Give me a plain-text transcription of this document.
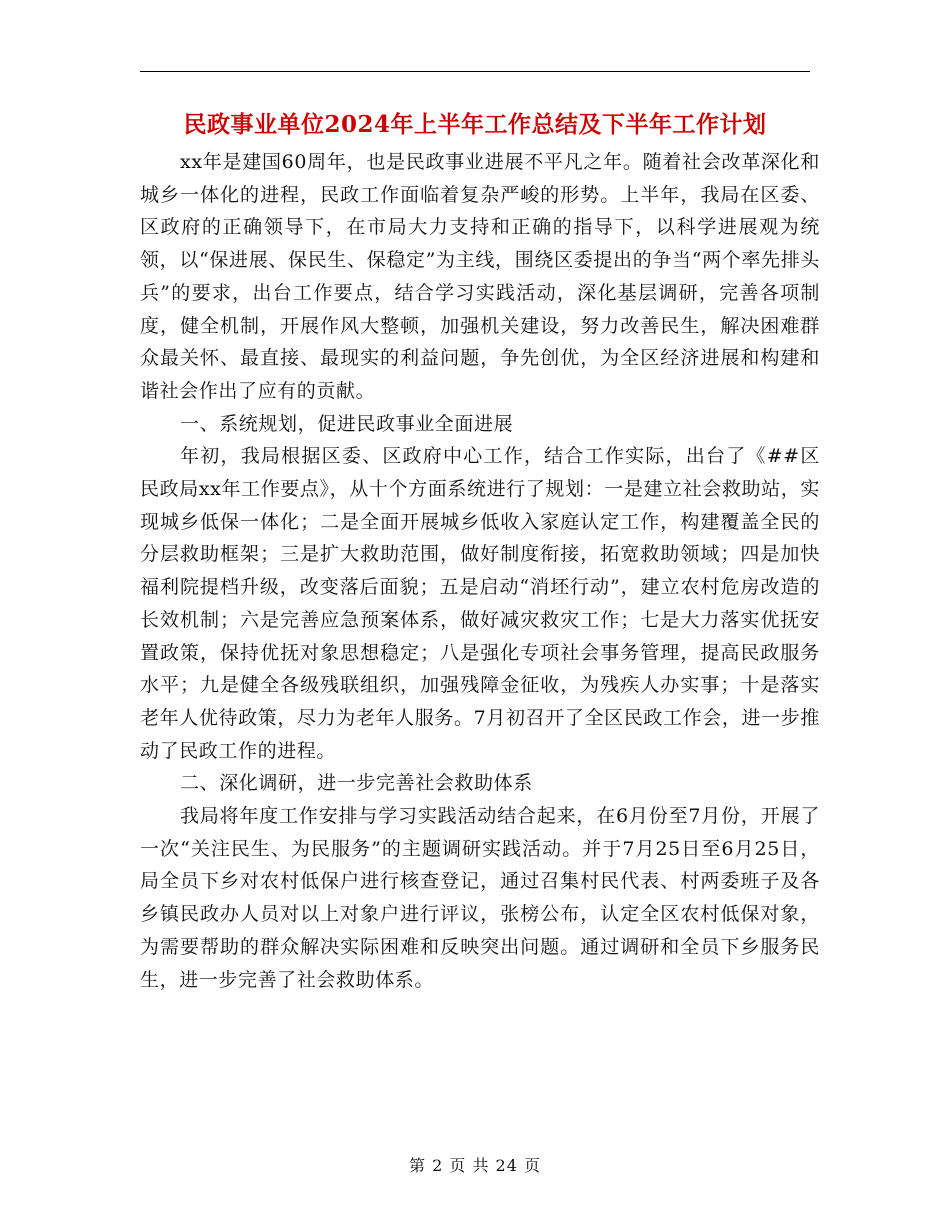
民政事业单位2024年上半年工作总结及下半年工作计划

xx年是建国60周年，也是民政事业进展不平凡之年。随着社会改革深化和城乡一体化的进程，民政工作面临着复杂严峻的形势。上半年，我局在区委、区政府的正确领导下，在市局大力支持和正确的指导下，以科学进展观为统领，以“保进展、保民生、保稳定”为主线，围绕区委提出的争当“两个率先排头兵”的要求，出台工作要点，结合学习实践活动，深化基层调研，完善各项制度，健全机制，开展作风大整顿，加强机关建设，努力改善民生，解决困难群众最关怀、最直接、最现实的利益问题，争先创优，为全区经济进展和构建和谐社会作出了应有的贡献。

一、系统规划，促进民政事业全面进展

年初，我局根据区委、区政府中心工作，结合工作实际，出台了《##区民政局xx年工作要点》，从十个方面系统进行了规划：一是建立社会救助站，实现城乡低保一体化；二是全面开展城乡低收入家庭认定工作，构建覆盖全民的分层救助框架；三是扩大救助范围，做好制度衔接，拓宽救助领域；四是加快福利院提档升级，改变落后面貌；五是启动“消坯行动”，建立农村危房改造的长效机制；六是完善应急预案体系，做好减灾救灾工作；七是大力落实优抚安置政策，保持优抚对象思想稳定；八是强化专项社会事务管理，提高民政服务水平；九是健全各级残联组织，加强残障金征收，为残疾人办实事；十是落实老年人优待政策，尽力为老年人服务。7月初召开了全区民政工作会，进一步推动了民政工作的进程。

二、深化调研，进一步完善社会救助体系

我局将年度工作安排与学习实践活动结合起来，在6月份至7月份，开展了一次“关注民生、为民服务”的主题调研实践活动。并于7月25日至6月25日，局全员下乡对农村低保户进行核查登记，通过召集村民代表、村两委班子及各乡镇民政办人员对以上对象户进行评议，张榜公布，认定全区农村低保对象，为需要帮助的群众解决实际困难和反映突出问题。通过调研和全员下乡服务民生，进一步完善了社会救助体系。

第 2 页 共 24 页
